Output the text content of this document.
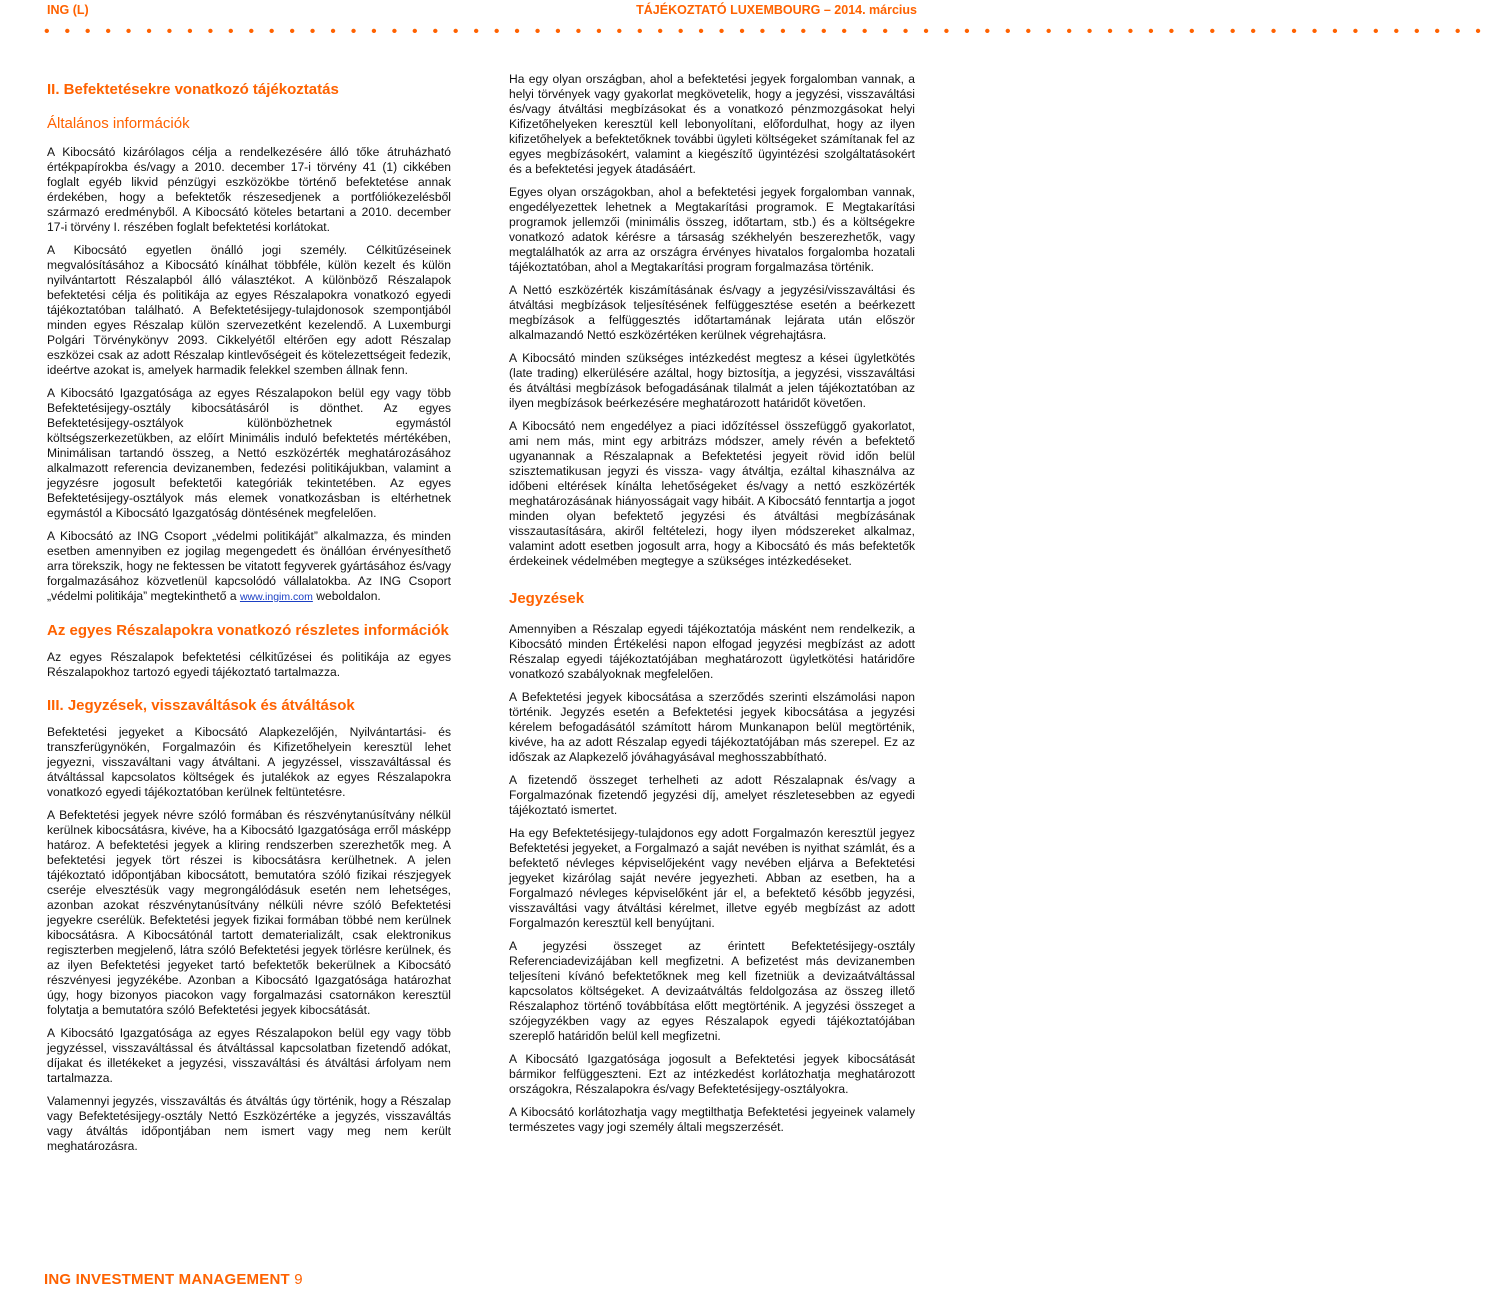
ING (L)	TÁJÉKOZTATÓ LUXEMBOURG – 2014. március
• • • • • • • • • • • • • • • • • • • • • • • • • • • • • • • • • • • • • • • • • • • • • • • • • • • • • • • • • • • • • • • • • • • • • • •
II. Befektetésekre vonatkozó tájékoztatás
Általános információk

A Kibocsátó kizárólagos célja a rendelkezésére álló tőke átruházható értékpapírokba és/vagy a 2010. december 17-i törvény 41 (1) cikkében foglalt egyéb likvid pénzügyi eszközökbe történő befektetése annak érdekében, hogy a befektetők részesedjenek a portfóliókezelésből származó eredményből. A Kibocsátó köteles betartani a 2010. december 17-i törvény I. részében foglalt befektetési korlátokat.

A Kibocsátó egyetlen önálló jogi személy. Célkitűzéseinek megvalósításához a Kibocsátó kínálhat többféle, külön kezelt és külön nyilvántartott Részalapból álló választékot. A különböző Részalapok befektetési célja és politikája az egyes Részalapokra vonatkozó egyedi tájékoztatóban található. A Befektetésijegy-tulajdonosok szempontjából minden egyes Részalap külön szervezetként kezelendő. A Luxemburgi Polgári Törvénykönyv 2093. Cikkelyétől eltérően egy adott Részalap eszközei csak az adott Részalap kintlevőségeit és kötelezettségeit fedezik, ideértve azokat is, amelyek harmadik felekkel szemben állnak fenn.

A Kibocsátó Igazgatósága az egyes Részalapokon belül egy vagy több Befektetésijegy-osztály kibocsátásáról is dönthet. Az egyes Befektetésijegy-osztályok különbözhetnek egymástól költségszerkezetükben, az előírt Minimális induló befektetés mértékében, Minimálisan tartandó összeg, a Nettó eszközérték meghatározásához alkalmazott referencia devizanemben, fedezési politikájukban, valamint a jegyzésre jogosult befektetői kategóriák tekintetében. Az egyes Befektetésijegy-osztályok más elemek vonatkozásban is eltérhetnek egymástól a Kibocsátó Igazgatóság döntésének megfelelően.

A Kibocsátó az ING Csoport „védelmi politikáját” alkalmazza, és minden esetben amennyiben ez jogilag megengedett és önállóan érvényesíthető arra törekszik, hogy ne fektessen be vitatott fegyverek gyártásához és/vagy forgalmazásához közvetlenül kapcsolódó vállalatokba. Az ING Csoport „védelmi politikája” megtekinthető a www.ingim.com weboldalon.

Az egyes Részalapokra vonatkozó részletes információk

Az egyes Részalapok befektetési célkitűzései és politikája az egyes Részalapokhoz tartozó egyedi tájékoztató tartalmazza.

III. Jegyzések, visszaváltások és átváltások

Befektetési jegyeket a Kibocsátó Alapkezelőjén, Nyilvántartási- és transzferügynökén, Forgalmazóin és Kifizetőhelyein keresztül lehet jegyezni, visszaváltani vagy átváltani. A jegyzéssel, visszaváltással és átváltással kapcsolatos költségek és jutalékok az egyes Részalapokra vonatkozó egyedi tájékoztatóban kerülnek feltüntetésre.

A Befektetési jegyek névre szóló formában és részvénytanúsítvány nélkül kerülnek kibocsátásra, kivéve, ha a Kibocsátó Igazgatósága erről másképp határoz. A befektetési jegyek a kliring rendszerben szerezhetők meg. A befektetési jegyek tört részei is kibocsátásra kerülhetnek. A jelen tájékoztató időpontjában kibocsátott, bemutatóra szóló fizikai részjegyek cseréje elvesztésük vagy megrongálódásuk esetén nem lehetséges, azonban azokat részvénytanúsítvány nélküli névre szóló Befektetési jegyekre cserélük. Befektetési jegyek fizikai formában többé nem kerülnek kibocsátásra. A Kibocsátónál tartott dematerializált, csak elektronikus regiszterben megjelenő, látra szóló Befektetési jegyek törlésre kerülnek, és az ilyen Befektetési jegyeket tartó befektetők bekerülnek a Kibocsátó részvényesi jegyzékébe. Azonban a Kibocsátó Igazgatósága határozhat úgy, hogy bizonyos piacokon vagy forgalmazási csatornákon keresztül folytatja a bemutatóra szóló Befektetési jegyek kibocsátását.

A Kibocsátó Igazgatósága az egyes Részalapokon belül egy vagy több jegyzéssel, visszaváltással és átváltással kapcsolatban fizetendő adókat, díjakat és illetékeket a jegyzési, visszaváltási és átváltási árfolyam nem tartalmazza.

Valamennyi jegyzés, visszaváltás és átváltás úgy történik, hogy a Részalap vagy Befektetésijegy-osztály Nettó Eszközértéke a jegyzés, visszaváltás vagy átváltás időpontjában nem ismert vagy meg nem került meghatározásra.

Ha egy olyan országban, ahol a befektetési jegyek forgalomban vannak, a helyi törvények vagy gyakorlat megkövetelik, hogy a jegyzési, visszaváltási és/vagy átváltási megbízásokat és a vonatkozó pénzmozgásokat helyi Kifizetőhelyeken keresztül kell lebonyolítani, előfordulhat, hogy az ilyen kifizetőhelyek a befektetőknek további ügyleti költségeket számítanak fel az egyes megbízásokért, valamint a kiegészítő ügyintézési szolgáltatásokért és a befektetési jegyek átadásáért.

Egyes olyan országokban, ahol a befektetési jegyek forgalomban vannak, engedélyezettek lehetnek a Megtakarítási programok. E Megtakarítási programok jellemzői (minimális összeg, időtartam, stb.) és a költségekre vonatkozó adatok kérésre a társaság székhelyén beszerezhetők, vagy megtalálhatók az arra az országra érvényes hivatalos forgalomba hozatali tájékoztatóban, ahol a Megtakarítási program forgalmazása történik.

A Nettó eszközérték kiszámításának és/vagy a jegyzési/visszaváltási és átváltási megbízások teljesítésének felfüggesztése esetén a beérkezett megbízások a felfüggesztés időtartamának lejárata után először alkalmazandó Nettó eszközértéken kerülnek végrehajtásra.

A Kibocsátó minden szükséges intézkedést megtesz a kései ügyletkötés (late trading) elkerülésére azáltal, hogy biztosítja, a jegyzési, visszaváltási és átváltási megbízások befogadásának tilalmát a jelen tájékoztatóban az ilyen megbízások beérkezésére meghatározott határidőt követően.

A Kibocsátó nem engedélyez a piaci időzítéssel összefüggő gyakorlatot, ami nem más, mint egy arbitrázs módszer, amely révén a befektető ugyanannak a Részalapnak a Befektetési jegyeit rövid időn belül szisztematikusan jegyzi és vissza- vagy átváltja, ezáltal kihasználva az időbeni eltérések kínálta lehetőségeket és/vagy a nettó eszközérték meghatározásának hiányosságait vagy hibáit. A Kibocsátó fenntartja a jogot minden olyan befektető jegyzési és átváltási megbízásának visszautasítására, akiről feltételezi, hogy ilyen módszereket alkalmaz, valamint adott esetben jogosult arra, hogy a Kibocsátó és más befektetők érdekeinek védelmében megtegye a szükséges intézkedéseket.

Jegyzések

Amennyiben a Részalap egyedi tájékoztatója másként nem rendelkezik, a Kibocsátó minden Értékelési napon elfogad jegyzési megbízást az adott Részalap egyedi tájékoztatójában meghatározott ügyletkötési határidőre vonatkozó szabályoknak megfelelően.

A Befektetési jegyek kibocsátása a szerződés szerinti elszámolási napon történik. Jegyzés esetén a Befektetési jegyek kibocsátása a jegyzési kérelem befogadásától számított három Munkanapon belül megtörténik, kivéve, ha az adott Részalap egyedi tájékoztatójában más szerepel. Ez az időszak az Alapkezelő jóváhagyásával meghosszabbítható.

A fizetendő összeget terhelheti az adott Részalapnak és/vagy a Forgalmazónak fizetendő jegyzési díj, amelyet részletesebben az egyedi tájékoztató ismertet.

Ha egy Befektetésijegy-tulajdonos egy adott Forgalmazón keresztül jegyez Befektetési jegyeket, a Forgalmazó a saját nevében is nyithat számlát, és a befektető névleges képviselőjeként vagy nevében eljárva a Befektetési jegyeket kizárólag saját nevére jegyezheti. Abban az esetben, ha a Forgalmazó névleges képviselőként jár el, a befektető később jegyzési, visszaváltási vagy átváltási kérelmet, illetve egyéb megbízást az adott Forgalmazón keresztül kell benyújtani.

A jegyzési összeget az érintett Befektetésijegy-osztály Referenciadevizájában kell megfizetni. A befizetést más devizanemben teljesíteni kívánó befektetőknek meg kell fizetniük a devizaátváltással kapcsolatos költségeket. A devizaátváltás feldolgozása az összeg illető Részalaphoz történő továbbítása előtt megtörténik. A jegyzési összeget a szójegyzékben vagy az egyes Részalapok egyedi tájékoztatójában szereplő határidőn belül kell megfizetni.

A Kibocsátó Igazgatósága jogosult a Befektetési jegyek kibocsátását bármikor felfüggeszteni. Ezt az intézkedést korlátozhatja meghatározott országokra, Részalapokra és/vagy Befektetésijegy-osztályokra.

A Kibocsátó korlátozhatja vagy megtilthatja Befektetési jegyeinek valamely természetes vagy jogi személy általi megszerzését.

ING INVESTMENT MANAGEMENT 9
